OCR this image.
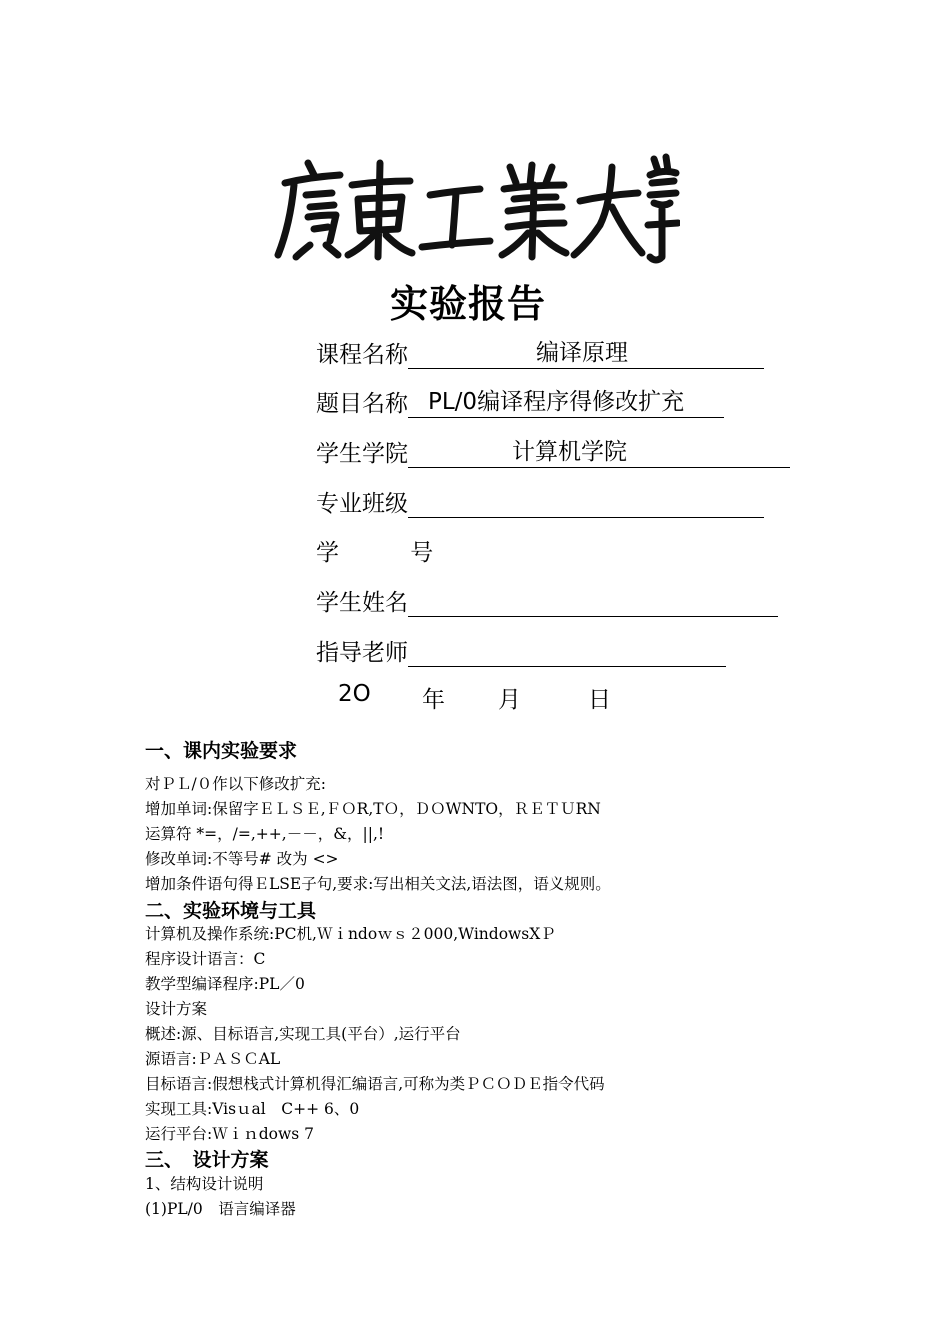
实验报告
课程名称	编译原理
题目名称 PL/0编译程序得修改扩充
学生学院	计算机学院
专业班级
学 　　号
学生姓名
指导老师
2O 年 月	日
一、课内实验要求
对ＰＬ/０作以下修改扩充:
增加单词:保留字ＥＬＳＥ,ＦＯR,TＯ，ＤＯWNTO，ＲＥＴＵRN
运算符 *=，/=,++,－－，&，||,!
修改单词:不等号# 改为 <>
增加条件语句得ＥLSE子句,要求:写出相关文法,语法图，语义规则。
二、实验环境与工具
计算机及操作系统:PC机,Ｗｉndoｗｓ２000,WindowsXＰ
程序设计语言：C
教学型编译程序:PL／0
设计方案
概述:源、目标语言,实现工具(平台）,运行平台
源语言:ＰＡＳＣAL
目标语言:假想栈式计算机得汇编语言,可称为类ＰＣＯＤＥ指令代码
实现工具:Visｕal　C++ 6、0
运行平台:Ｗｉｎdows 7
三、　设计方案
1、结构设计说明
(1)PL/0　语言编译器
